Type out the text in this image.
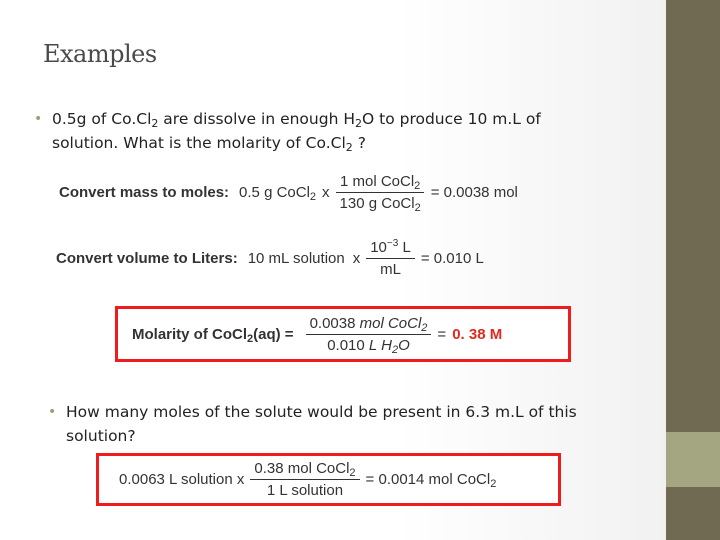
Examples
• 0.5g of $Co.Cl_2$ are dissolve in enough $H_2O$ to produce 10 m.L of solution. What is the molarity of $Co.Cl_2$ ?
Convert mass to moles: 0.5 g CoCl$_2$ x $\frac{1 mol CoCl_2}{130 g CoCl_2} = 0.0038$ mol
Convert volume to Liters: 10 mL solution x $\frac{10^{-3} L}{mL} = 0.010$ L
Molarity of CoCl$_2$(aq) = $\frac{0.0038 mol CoCl_2}{0.010 L H_2O} = 0$. 38 M
• How many moles of the solute would be present in 6.3 m.L of this solution?
0.0063 L solution x $\frac{0.38 mol CoCl_2}{\text{1 L solution}} = 0.0014$ mol CoCl$_2$
